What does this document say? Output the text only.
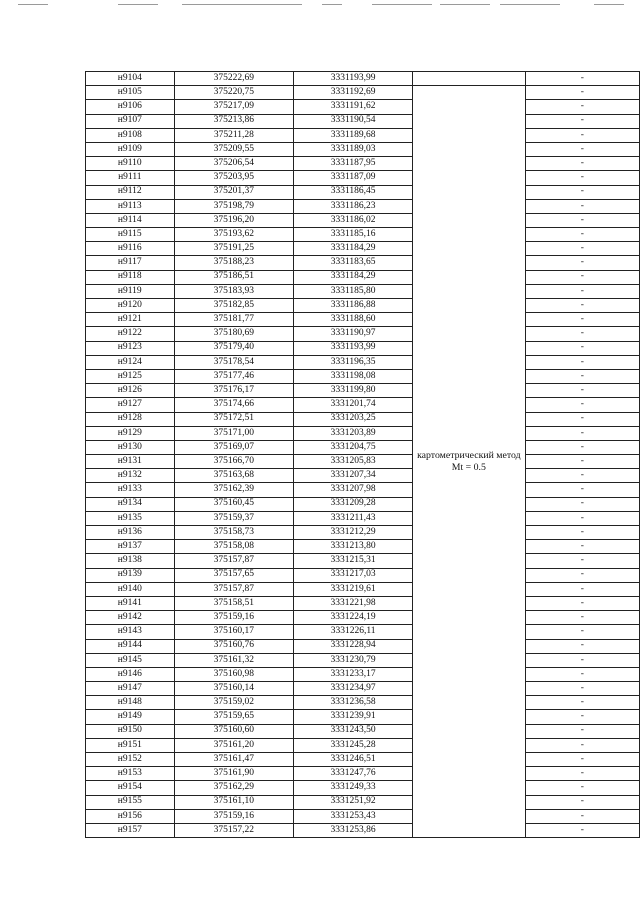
н9104	375222,69	3331193,99		-
н9105	375220,75	3331192,69	картометрический метод Mt = 0.5	-
н9106	375217,09	3331191,62		-
н9107	375213,86	3331190,54		-
н9108	375211,28	3331189,68		-
н9109	375209,55	3331189,03		-
н9110	375206,54	3331187,95		-
н9111	375203,95	3331187,09		-
н9112	375201,37	3331186,45		-
н9113	375198,79	3331186,23		-
н9114	375196,20	3331186,02		-
н9115	375193,62	3331185,16		-
н9116	375191,25	3331184,29		-
н9117	375188,23	3331183,65		-
н9118	375186,51	3331184,29		-
н9119	375183,93	3331185,80		-
н9120	375182,85	3331186,88		-
н9121	375181,77	3331188,60		-
н9122	375180,69	3331190,97		-
н9123	375179,40	3331193,99		-
н9124	375178,54	3331196,35		-
н9125	375177,46	3331198,08		-
н9126	375176,17	3331199,80		-
н9127	375174,66	3331201,74		-
н9128	375172,51	3331203,25		-
н9129	375171,00	3331203,89		-
н9130	375169,07	3331204,75		-
н9131	375166,70	3331205,83		-
н9132	375163,68	3331207,34		-
н9133	375162,39	3331207,98		-
н9134	375160,45	3331209,28		-
н9135	375159,37	3331211,43		-
н9136	375158,73	3331212,29		-
н9137	375158,08	3331213,80		-
н9138	375157,87	3331215,31		-
н9139	375157,65	3331217,03		-
н9140	375157,87	3331219,61		-
н9141	375158,51	3331221,98		-
н9142	375159,16	3331224,19		-
н9143	375160,17	3331226,11		-
н9144	375160,76	3331228,94		-
н9145	375161,32	3331230,79		-
н9146	375160,98	3331233,17		-
н9147	375160,14	3331234,97		-
н9148	375159,02	3331236,58		-
н9149	375159,65	3331239,91		-
н9150	375160,60	3331243,50		-
н9151	375161,20	3331245,28		-
н9152	375161,47	3331246,51		-
н9153	375161,90	3331247,76		-
н9154	375162,29	3331249,33		-
н9155	375161,10	3331251,92		-
н9156	375159,16	3331253,43		-
н9157	375157,22	3331253,86		-
